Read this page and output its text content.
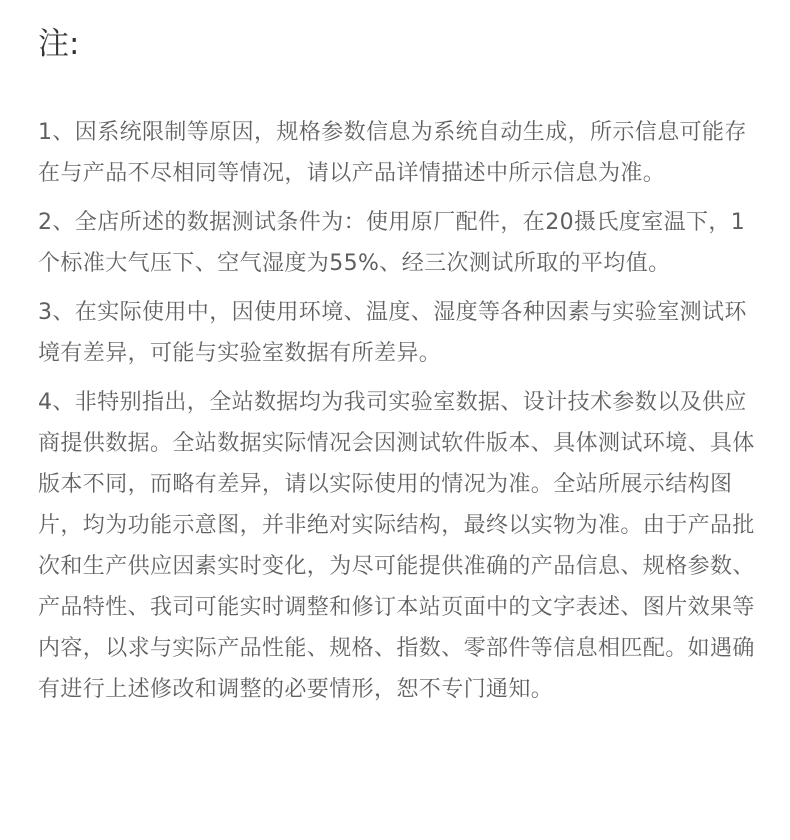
注:

1、因系统限制等原因，规格参数信息为系统自动生成，所示信息可能存在与产品不尽相同等情况，请以产品详情描述中所示信息为准。

2、全店所述的数据测试条件为：使用原厂配件，在20摄氏度室温下，1个标准大气压下、空气湿度为55%、经三次测试所取的平均值。

3、在实际使用中，因使用环境、温度、湿度等各种因素与实验室测试环境有差异，可能与实验室数据有所差异。

4、非特别指出，全站数据均为我司实验室数据、设计技术参数以及供应商提供数据。全站数据实际情况会因测试软件版本、具体测试环境、具体版本不同，而略有差异，请以实际使用的情况为准。全站所展示结构图片，均为功能示意图，并非绝对实际结构，最终以实物为准。由于产品批次和生产供应因素实时变化，为尽可能提供准确的产品信息、规格参数、产品特性、我司可能实时调整和修订本站页面中的文字表述、图片效果等内容，以求与实际产品性能、规格、指数、零部件等信息相匹配。如遇确有进行上述修改和调整的必要情形，恕不专门通知。
